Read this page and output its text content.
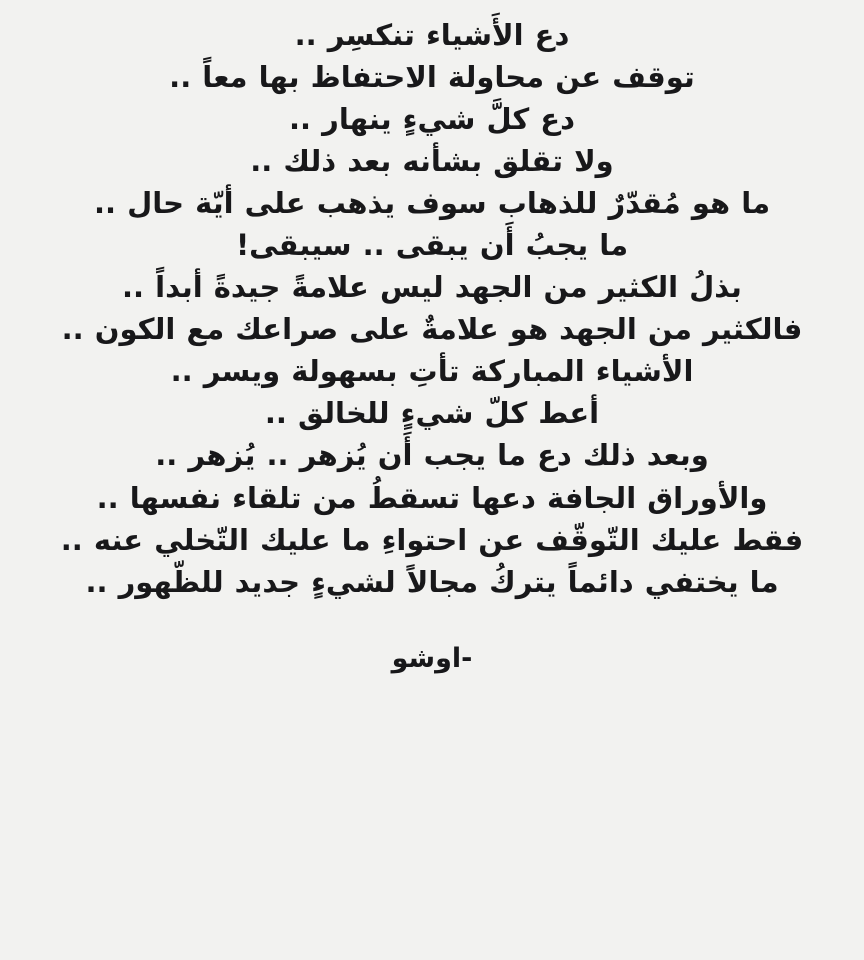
دع الأَشياء تنكسِر ..
توقف عن محاولة الاحتفاظ بها معاً ..
دع كلَّ شيءٍ ينهار ..
ولا تقلق بشأنه بعد ذلك ..
ما هو مُقدّرٌ للذهاب سوف يذهب على أيّة حال ..
ما يجبُ أَن يبقى .. سيبقى!
بذلُ الكثير من الجهد ليس علامةً جيدةً أبداً ..
فالكثير من الجهد هو علامةٌ على صراعك مع الكون ..
الأشياء المباركة تأتِ بسهولة ويسر ..
أعط كلّ شيءٍ للخالق ..
وبعد ذلك دع ما يجب أَن يُزهر .. يُزهر ..
والأوراق الجافة دعها تسقطُ من تلقاء نفسها ..
فقط عليك التّوقّف عن احتواءِ ما عليك التّخلي عنه ..
ما يختفي دائماً يتركُ مجالاً لشيءٍ جديد للظّهور ..
-اوشو
